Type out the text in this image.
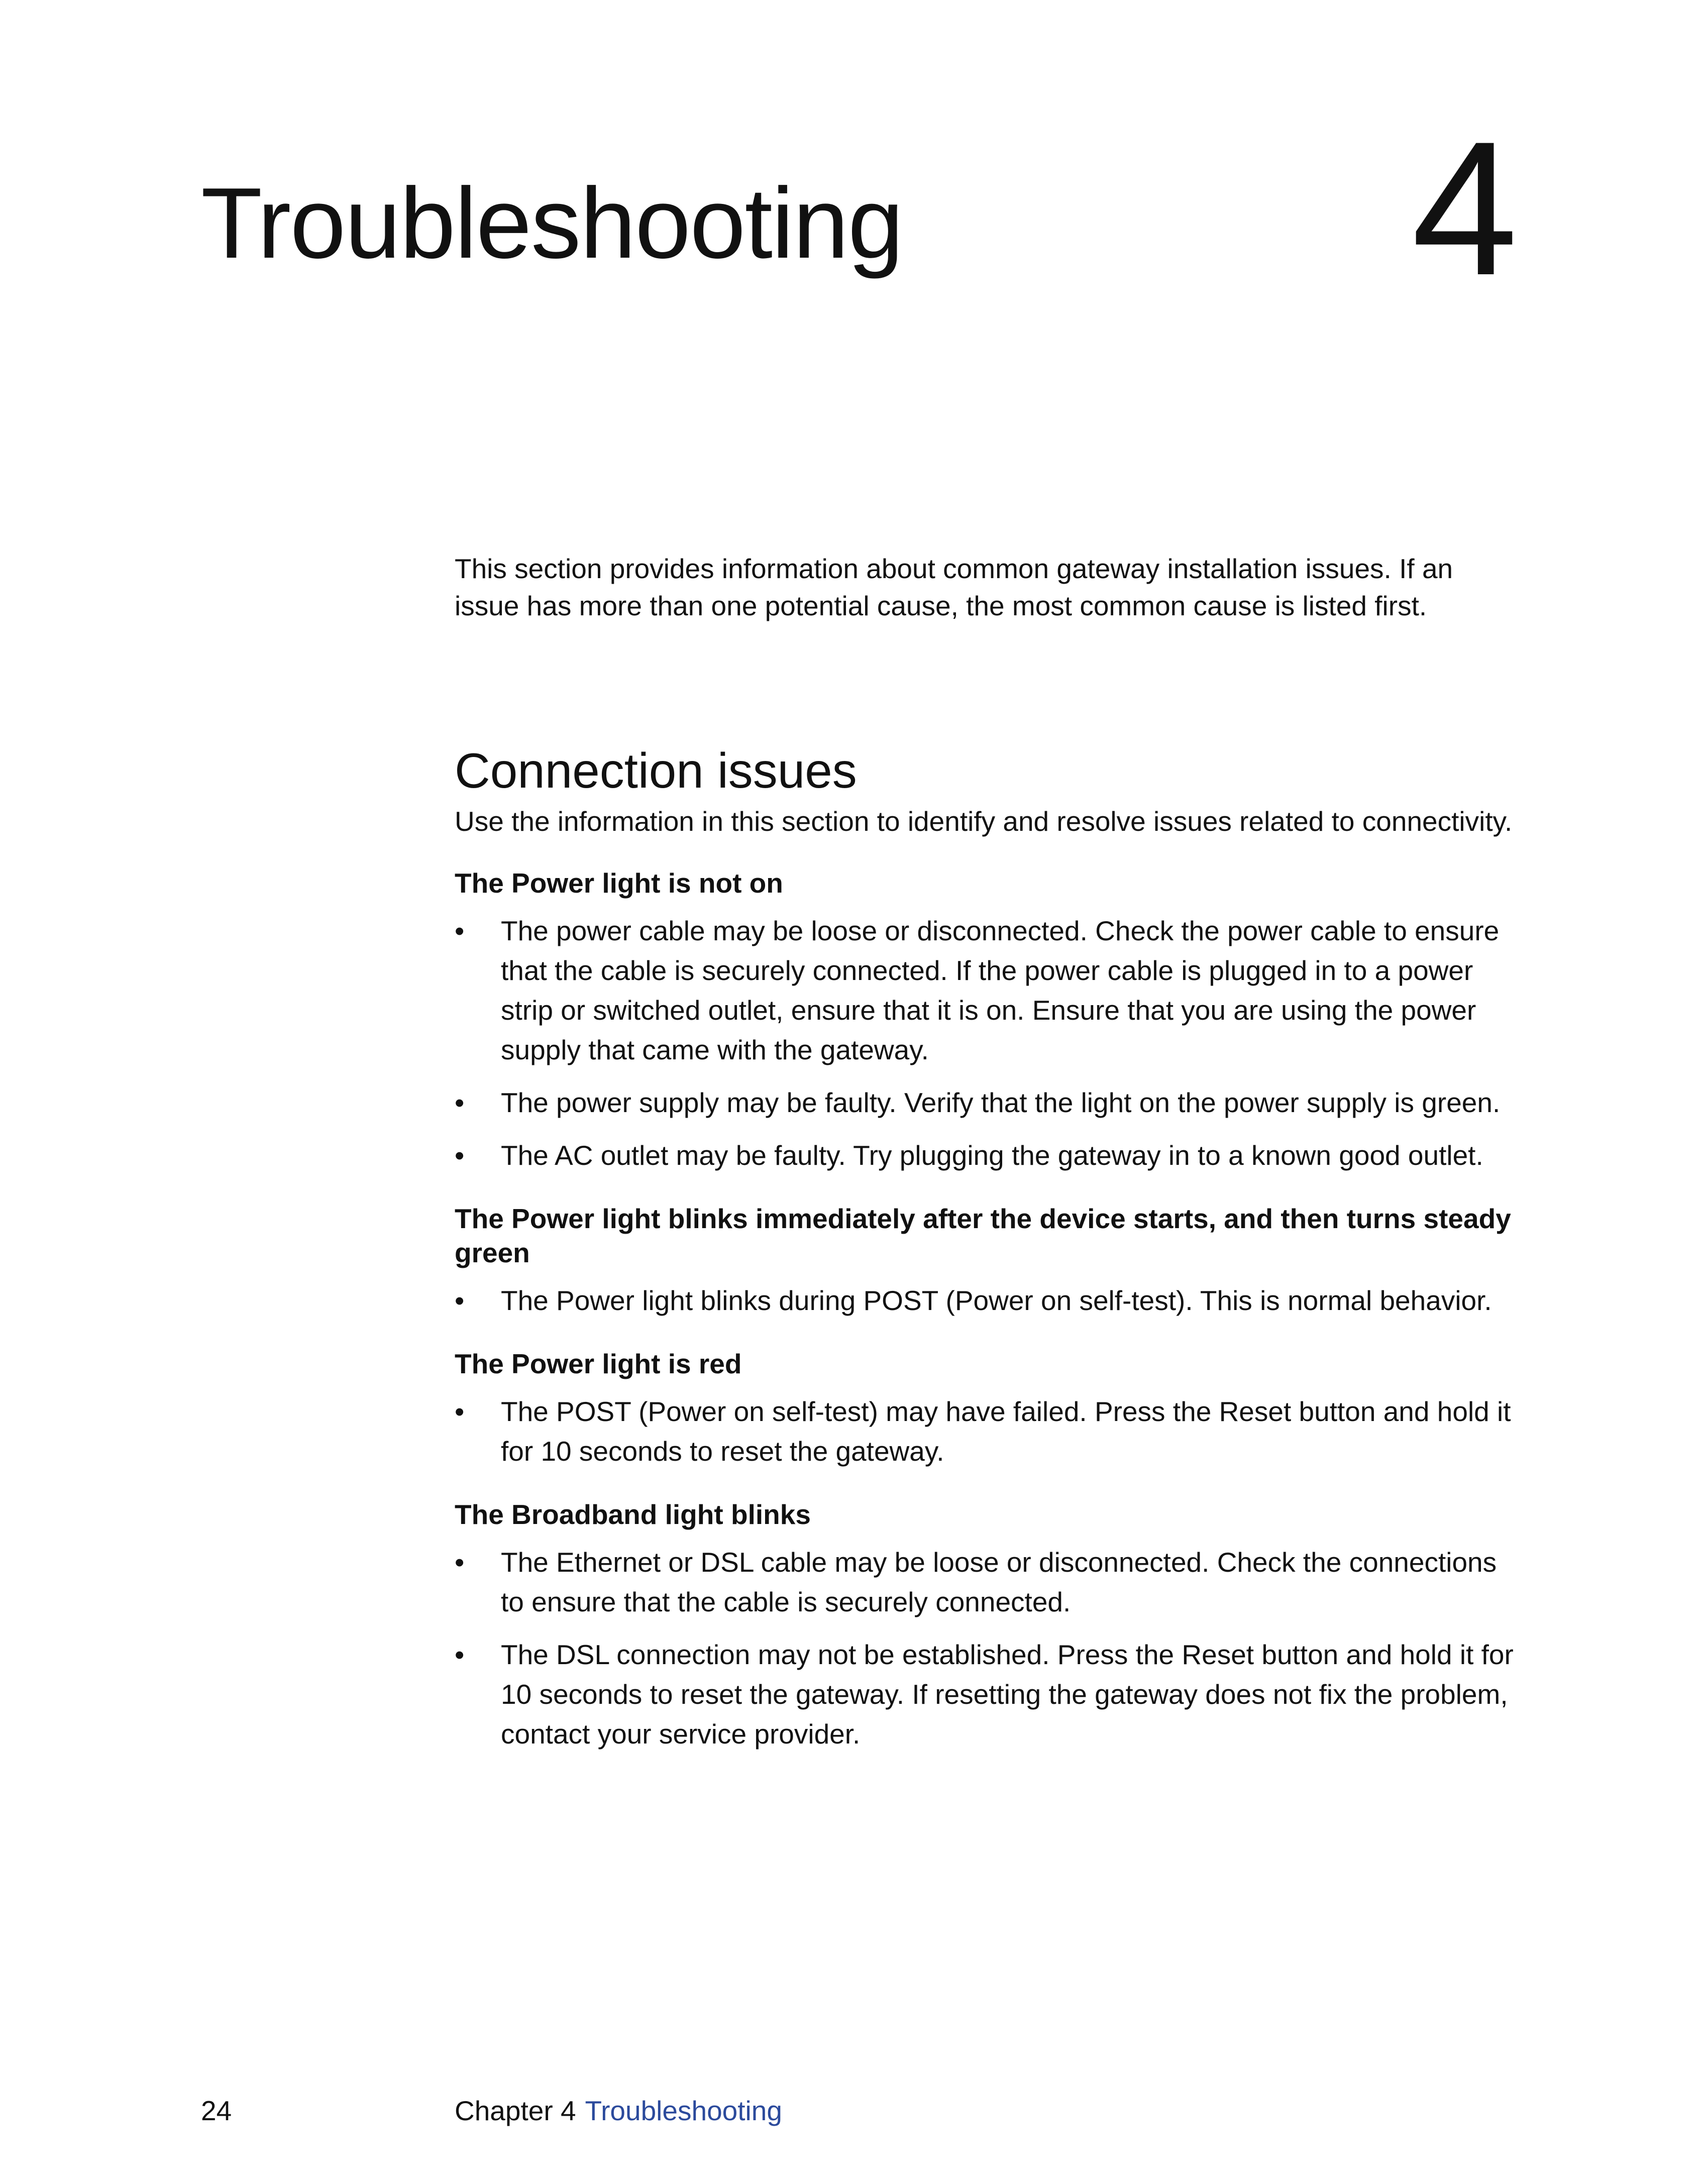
Troubleshooting	4

This section provides information about common gateway installation issues. If an issue has more than one potential cause, the most common cause is listed first.

Connection issues

Use the information in this section to identify and resolve issues related to connectivity.

The Power light is not on
•	The power cable may be loose or disconnected. Check the power cable to ensure that the cable is securely connected. If the power cable is plugged in to a power strip or switched outlet, ensure that it is on. Ensure that you are using the power supply that came with the gateway.
•	The power supply may be faulty. Verify that the light on the power supply is green.
•	The AC outlet may be faulty. Try plugging the gateway in to a known good outlet.
The Power light blinks immediately after the device starts, and then turns steady green
•	The Power light blinks during POST (Power on self-test). This is normal behavior.
The Power light is red
•	The POST (Power on self-test) may have failed. Press the Reset button and hold it for 10 seconds to reset the gateway.
The Broadband light blinks
•	The Ethernet or DSL cable may be loose or disconnected. Check the connections to ensure that the cable is securely connected.
•	The DSL connection may not be established. Press the Reset button and hold it for 10 seconds to reset the gateway. If resetting the gateway does not fix the problem, contact your service provider.
24	Chapter 4 Troubleshooting
